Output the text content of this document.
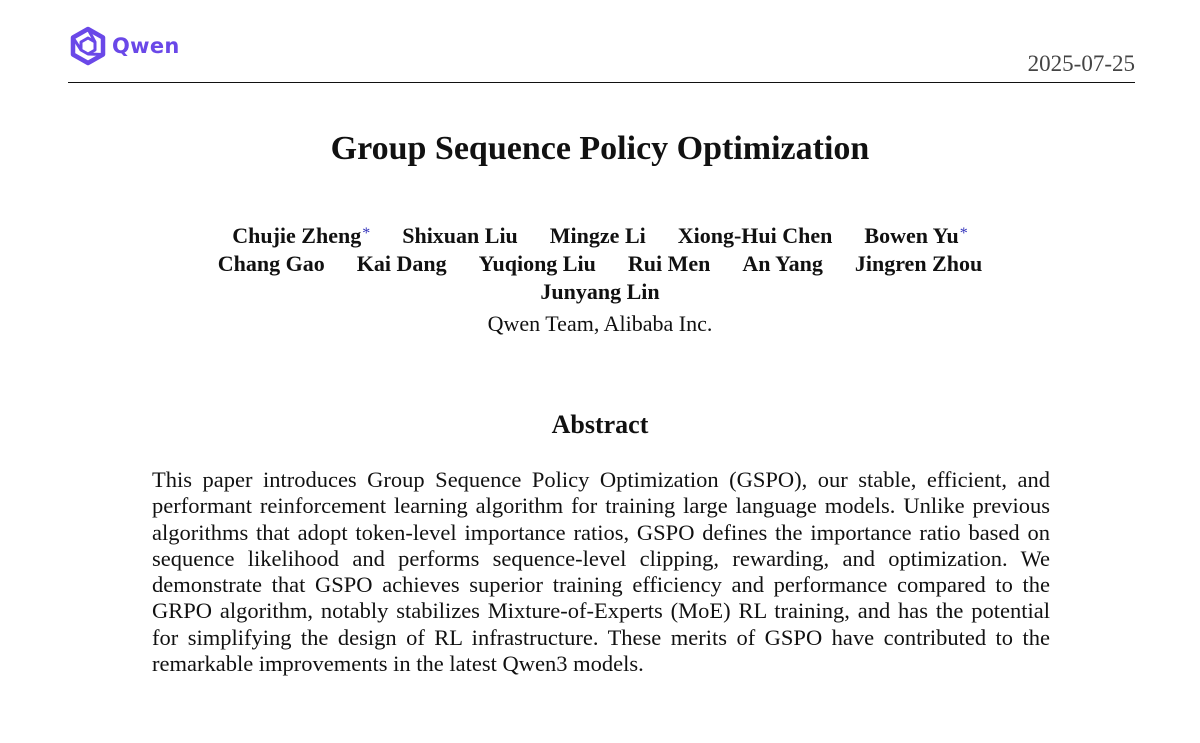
Qwen
2025-07-25
Group Sequence Policy Optimization
Chujie Zheng* Shixuan Liu Mingze Li Xiong-Hui Chen Bowen Yu*
Chang Gao Kai Dang Yuqiong Liu Rui Men An Yang Jingren Zhou
Junyang Lin
Qwen Team, Alibaba Inc.
Abstract
This paper introduces Group Sequence Policy Optimization (GSPO), our stable, efficient, and performant reinforcement learning algorithm for training large language models. Unlike previous algorithms that adopt token-level importance ratios, GSPO defines the importance ratio based on sequence likelihood and performs sequence-level clipping, rewarding, and optimization. We demonstrate that GSPO achieves superior training efficiency and performance compared to the GRPO algorithm, notably stabilizes Mixture-of-Experts (MoE) RL training, and has the potential for simplifying the design of RL infrastructure. These merits of GSPO have contributed to the remarkable improvements in the latest Qwen3 models.
